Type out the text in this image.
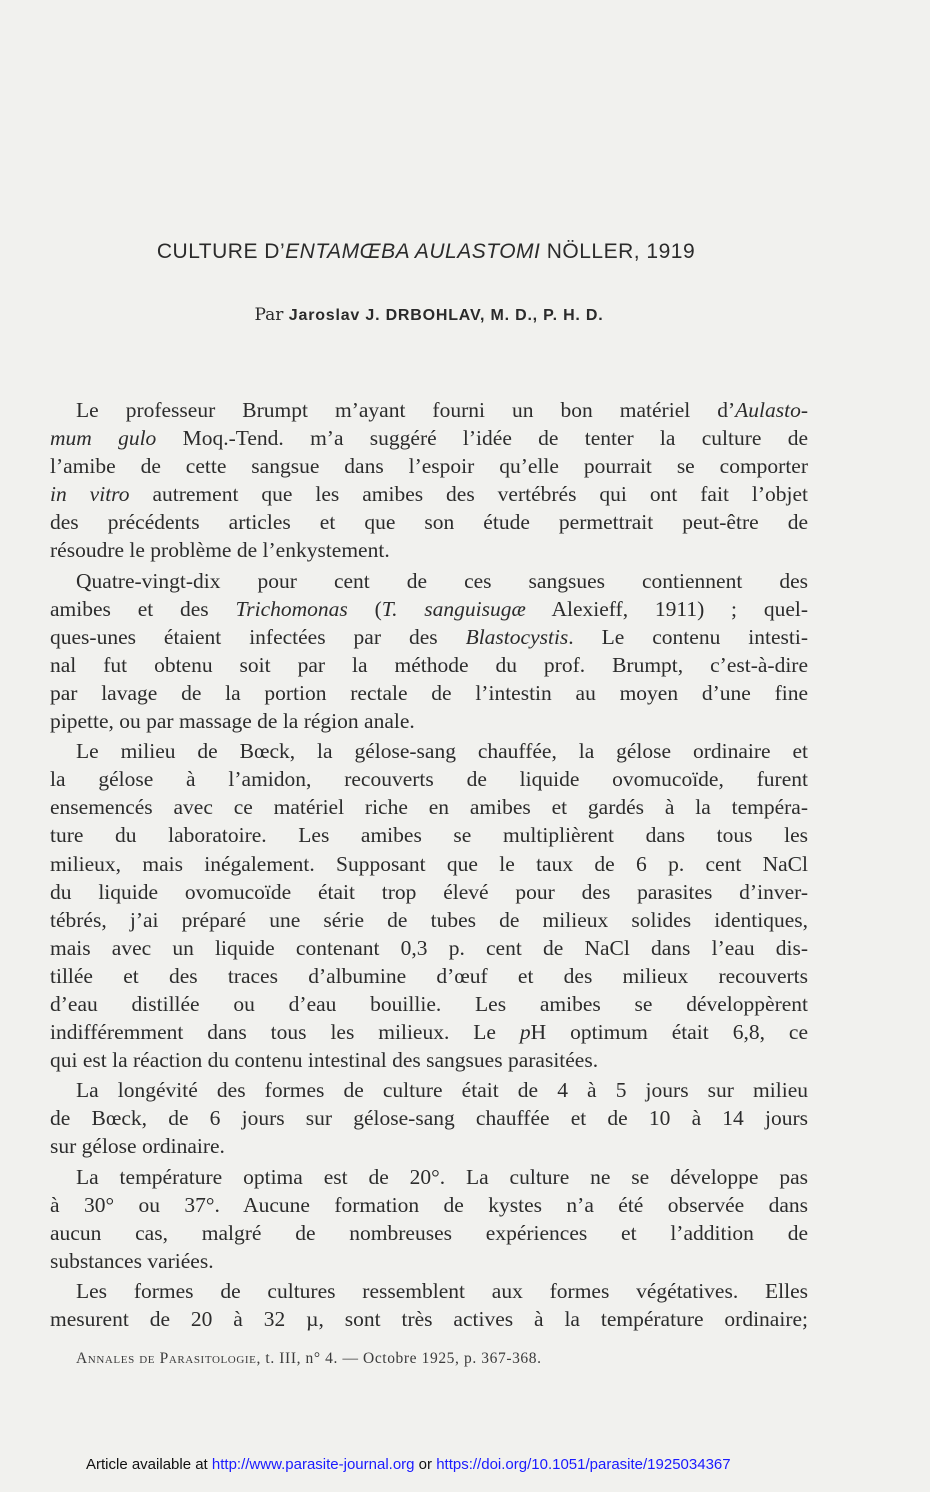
CULTURE D’ENTAMŒBA AULASTOMI NÖLLER, 1919
Par Jaroslav J. DRBOHLAV, M. D., P. H. D.
Le professeur Brumpt m’ayant fourni un bon matériel d’Aulasto-
mum gulo Moq.-Tend. m’a suggéré l’idée de tenter la culture de
l’amibe de cette sangsue dans l’espoir qu’elle pourrait se comporter
in vitro autrement que les amibes des vertébrés qui ont fait l’objet
des précédents articles et que son étude permettrait peut-être de
résoudre le problème de l’enkystement.
Quatre-vingt-dix pour cent de ces sangsues contiennent des
amibes et des Trichomonas (T. sanguisugæ Alexieff, 1911) ; quel-
ques-unes étaient infectées par des Blastocystis. Le contenu intesti-
nal fut obtenu soit par la méthode du prof. Brumpt, c’est-à-dire
par lavage de la portion rectale de l’intestin au moyen d’une fine
pipette, ou par massage de la région anale.
Le milieu de Bœck, la gélose-sang chauffée, la gélose ordinaire et
la gélose à l’amidon, recouverts de liquide ovomucoïde, furent
ensemencés avec ce matériel riche en amibes et gardés à la tempéra-
ture du laboratoire. Les amibes se multiplièrent dans tous les
milieux, mais inégalement. Supposant que le taux de 6 p. cent NaCl
du liquide ovomucoïde était trop élevé pour des parasites d’inver-
tébrés, j’ai préparé une série de tubes de milieux solides identiques,
mais avec un liquide contenant 0,3 p. cent de NaCl dans l’eau dis-
tillée et des traces d’albumine d’œuf et des milieux recouverts
d’eau distillée ou d’eau bouillie. Les amibes se développèrent
indifféremment dans tous les milieux. Le pH optimum était 6,8, ce
qui est la réaction du contenu intestinal des sangsues parasitées.
La longévité des formes de culture était de 4 à 5 jours sur milieu
de Bœck, de 6 jours sur gélose-sang chauffée et de 10 à 14 jours
sur gélose ordinaire.
La température optima est de 20°. La culture ne se développe pas
à 30° ou 37°. Aucune formation de kystes n’a été observée dans
aucun cas, malgré de nombreuses expériences et l’addition de
substances variées.
Les formes de cultures ressemblent aux formes végétatives. Elles
mesurent de 20 à 32 µ, sont très actives à la température ordinaire;
Annales de Parasitologie, t. III, n° 4. — Octobre 1925, p. 367-368.
Article available at http://www.parasite-journal.org or https://doi.org/10.1051/parasite/1925034367
